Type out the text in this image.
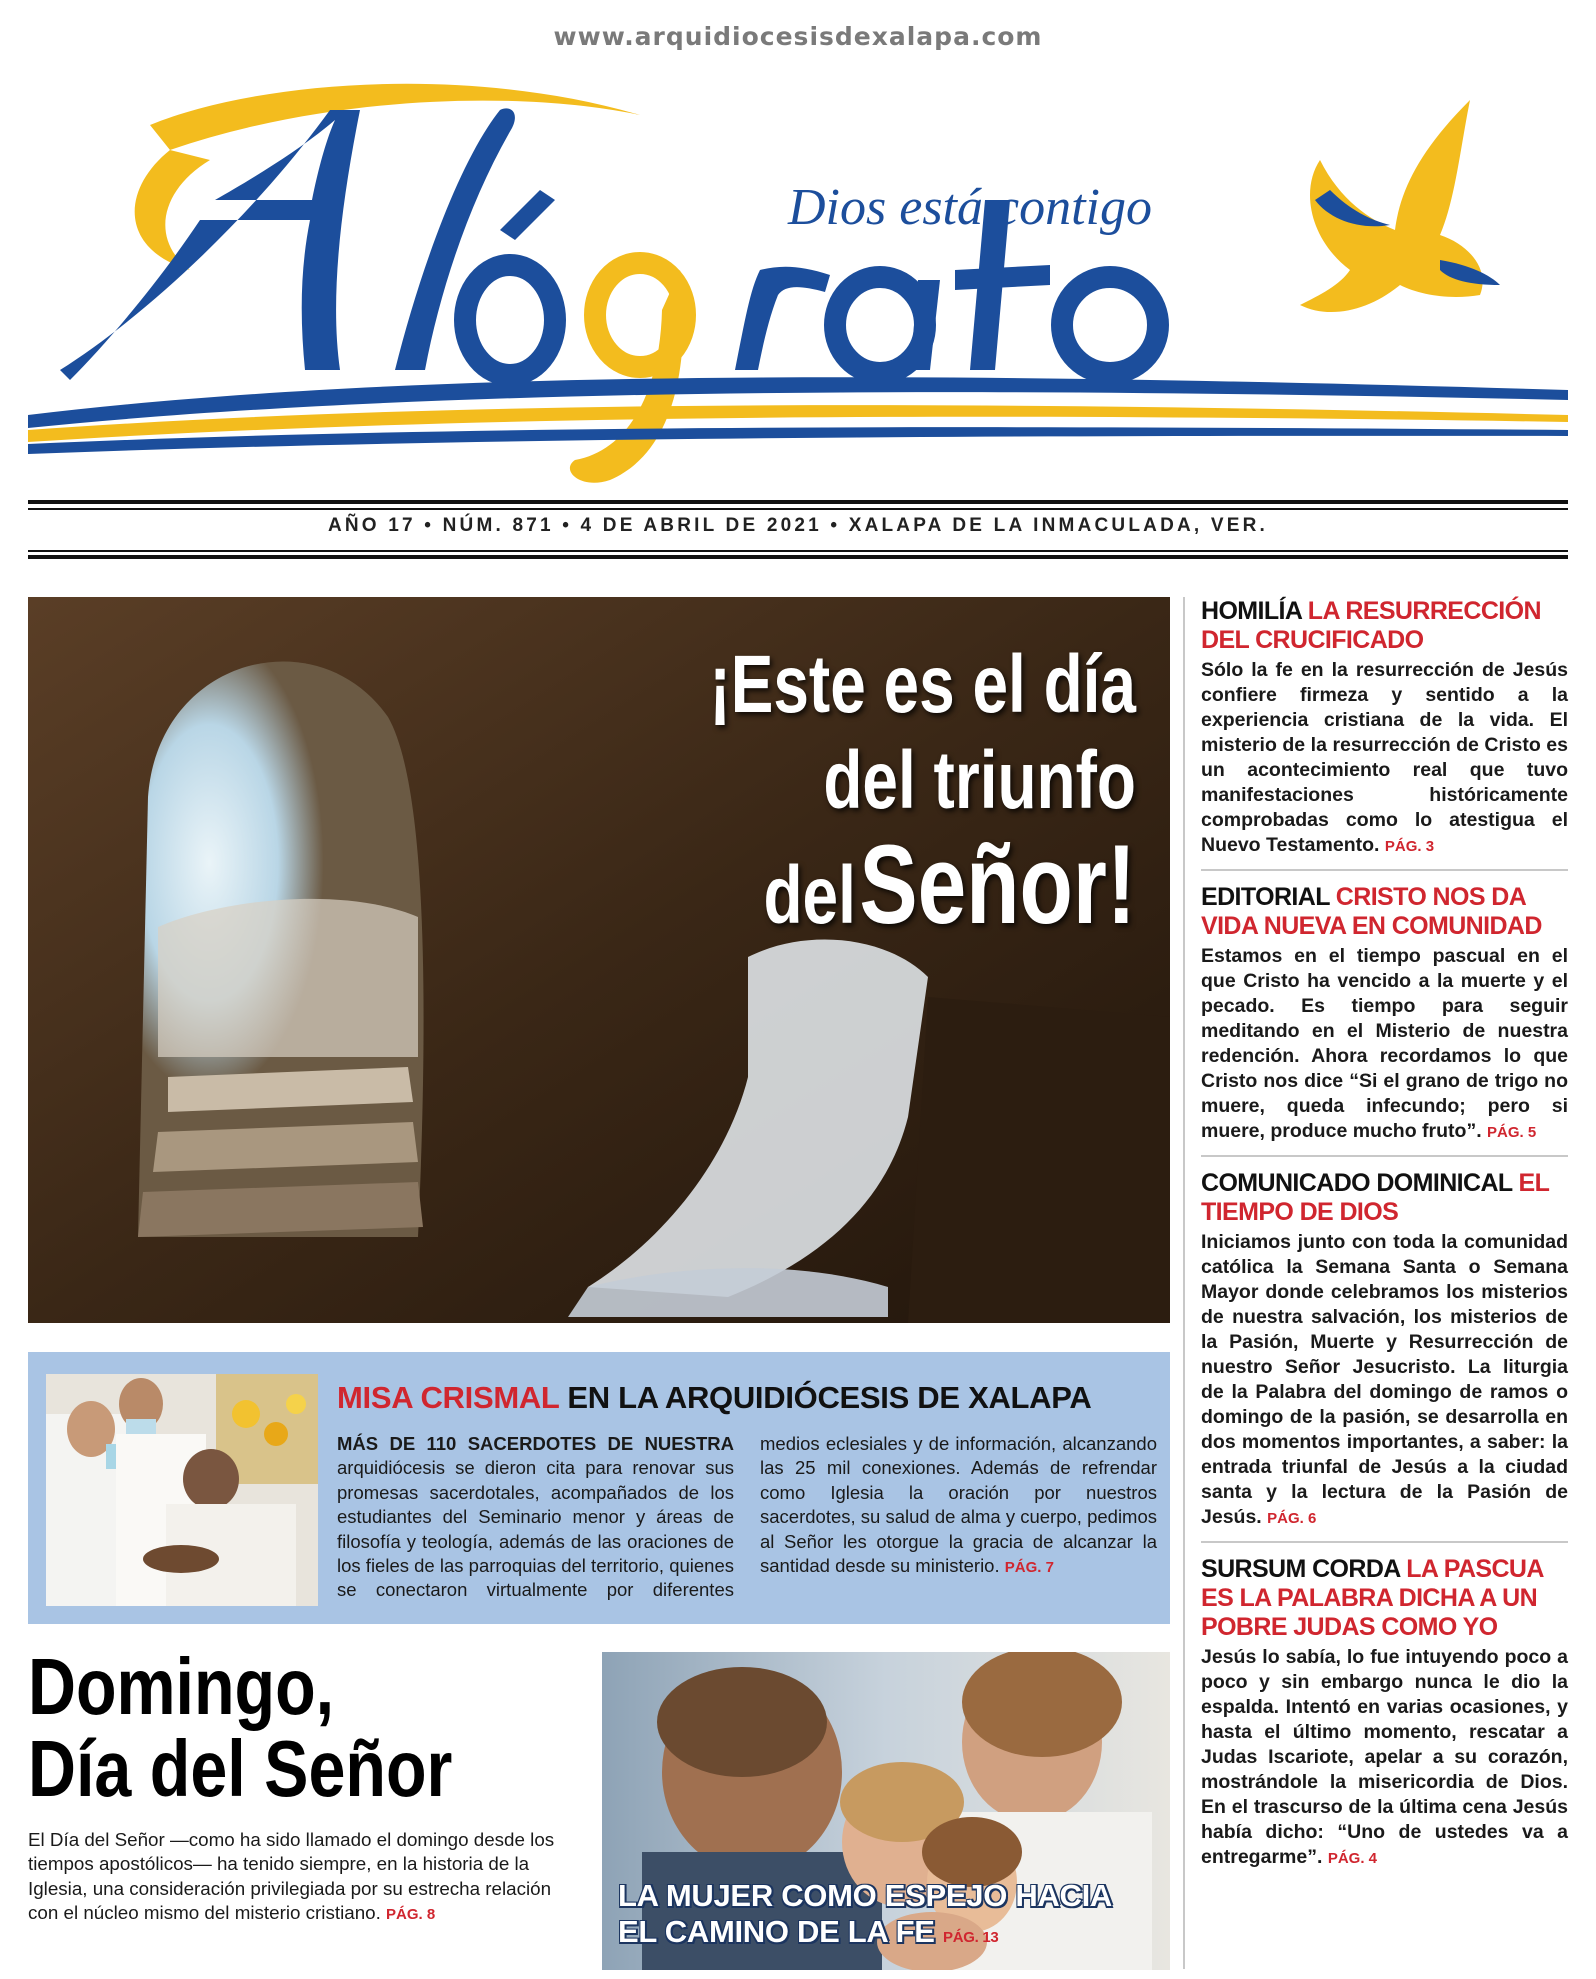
www.arquidiocesisdexalapa.com
Dios está contigo
AÑO 17 • NÚM. 871 • 4 DE ABRIL DE 2021 • XALAPA DE LA INMACULADA, VER.
¡Este es el día
del triunfo
del Señor!
HOMILÍA LA RESURRECCIÓN DEL CRUCIFICADO
Sólo la fe en la resurrección de Jesús confiere firmeza y sentido a la experiencia cristiana de la vida. El misterio de la resurrección de Cristo es un acontecimiento real que tuvo manifestaciones históricamente comprobadas como lo atestigua el Nuevo Testamento. PÁG. 3
EDITORIAL CRISTO NOS DA VIDA NUEVA EN COMUNIDAD
Estamos en el tiempo pascual en el que Cristo ha vencido a la muerte y el pecado. Es tiempo para seguir meditando en el Misterio de nuestra redención. Ahora recordamos lo que Cristo nos dice “Si el grano de trigo no muere, queda infecundo; pero si muere, produce mucho fruto”. PÁG. 5
COMUNICADO DOMINICAL EL TIEMPO DE DIOS
Iniciamos junto con toda la comunidad católica la Semana Santa o Semana Mayor donde celebramos los misterios de nuestra salvación, los misterios de la Pasión, Muerte y Resurrección de nuestro Señor Jesucristo. La liturgia de la Palabra del domingo de ramos o domingo de la pasión, se desarrolla en dos momentos importantes, a saber: la entrada triunfal de Jesús a la ciudad santa y la lectura de la Pasión de Jesús. PÁG. 6
SURSUM CORDA LA PASCUA ES LA PALABRA DICHA A UN POBRE JUDAS COMO YO
Jesús lo sabía, lo fue intuyendo poco a poco y sin embargo nunca le dio la espalda. Intentó en varias ocasiones, y hasta el último momento, rescatar a Judas Iscariote, apelar a su corazón, mostrándole la misericordia de Dios. En el trascurso de la última cena Jesús había dicho: “Uno de ustedes va a entregarme”. PÁG. 4
MISA CRISMAL EN LA ARQUIDIÓCESIS DE XALAPA
MÁS DE 110 SACERDOTES DE NUESTRA arquidiócesis se dieron cita para renovar sus promesas sacerdotales, acompañados de los estudiantes del Seminario menor y áreas de filosofía y teología, además de las oraciones de los fieles de las parroquias del territorio, quienes se conectaron virtualmente por diferentes medios eclesiales y de información, alcanzando las 25 mil conexiones. Además de refrendar como Iglesia la oración por nuestros sacerdotes, su salud de alma y cuerpo, pedimos al Señor les otorgue la gracia de alcanzar la santidad desde su ministerio. PÁG. 7
Domingo,
Día del Señor
El Día del Señor —como ha sido llamado el domingo desde los tiempos apostólicos— ha tenido siempre, en la historia de la Iglesia, una consideración privilegiada por su estrecha relación con el núcleo mismo del misterio cristiano. PÁG. 8
LA MUJER COMO ESPEJO HACIA
EL CAMINO DE LA FE PÁG. 13
